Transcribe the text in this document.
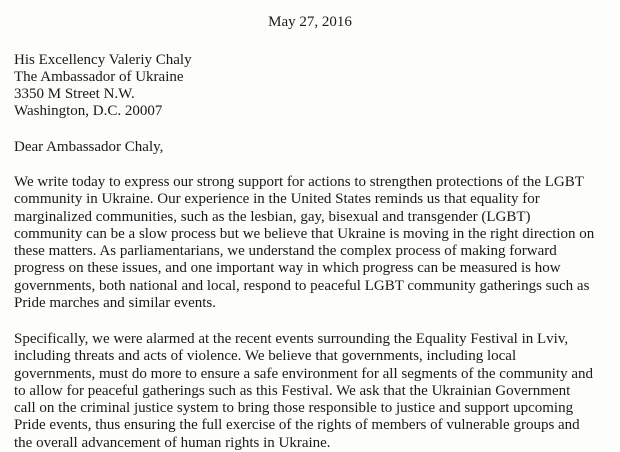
May 27, 2016
His Excellency Valeriy Chaly
The Ambassador of Ukraine
3350 M Street N.W.
Washington, D.C. 20007
Dear Ambassador Chaly,
We write today to express our strong support for actions to strengthen protections of the LGBT
community in Ukraine. Our experience in the United States reminds us that equality for
marginalized communities, such as the lesbian, gay, bisexual and transgender (LGBT)
community can be a slow process but we believe that Ukraine is moving in the right direction on
these matters. As parliamentarians, we understand the complex process of making forward
progress on these issues, and one important way in which progress can be measured is how
governments, both national and local, respond to peaceful LGBT community gatherings such as
Pride marches and similar events.
Specifically, we were alarmed at the recent events surrounding the Equality Festival in Lviv,
including threats and acts of violence. We believe that governments, including local
governments, must do more to ensure a safe environment for all segments of the community and
to allow for peaceful gatherings such as this Festival. We ask that the Ukrainian Government
call on the criminal justice system to bring those responsible to justice and support upcoming
Pride events, thus ensuring the full exercise of the rights of members of vulnerable groups and
the overall advancement of human rights in Ukraine.
